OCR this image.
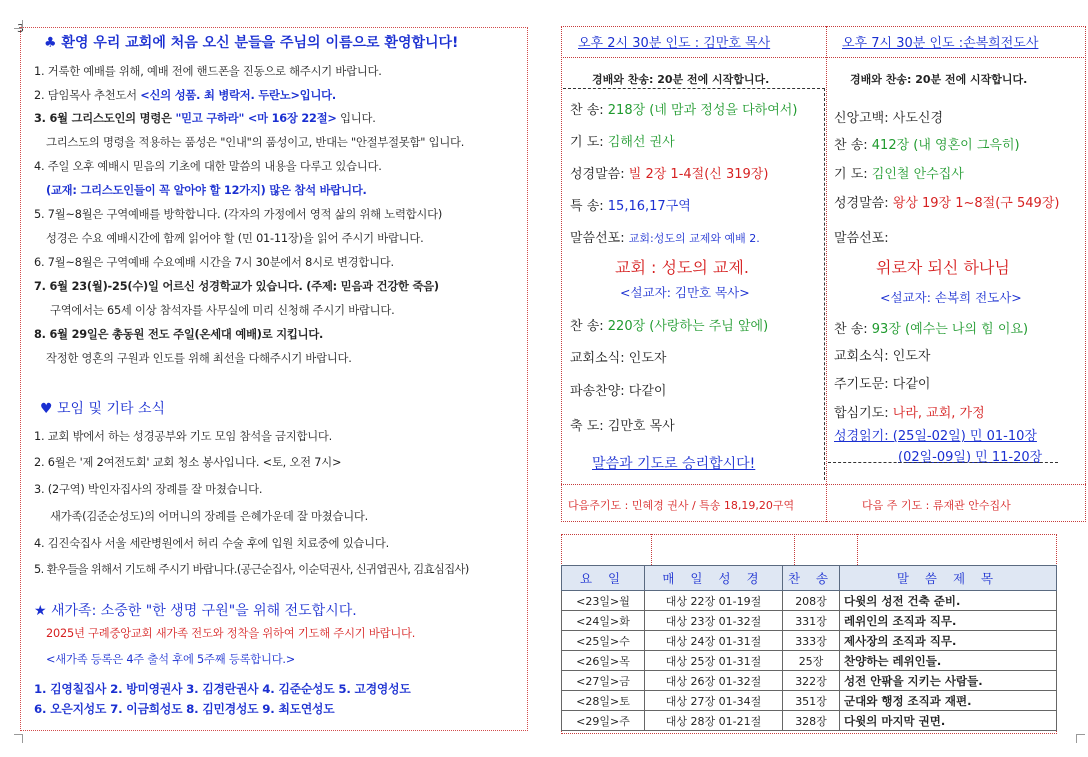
3
♣ 환영 우리 교회에 처음 오신 분들을 주님의 이름으로 환영합니다!
1. 거룩한 예배를 위해, 예배 전에 핸드폰을 진동으로 해주시기 바랍니다.
2. 담임목사 추천도서 <신의 성품. 최 병락저. 두란노>입니다.
3. 6월 그리스도인의 명령은 "믿고 구하라" <마 16장 22절> 입니다.
그리스도의 명령을 적용하는 품성은 "인내"의 품성이고, 반대는 "안절부절못함" 입니다.
4. 주일 오후 예배시 믿음의 기초에 대한 말씀의 내용을 다루고 있습니다.
(교재: 그리스도인들이 꼭 알아야 할 12가지) 많은 참석 바랍니다.
5. 7월~8월은 구역예배를 방학합니다. (각자의 가정에서 영적 삶의 위해 노력합시다)
성경은 수요 예배시간에 함께 읽어야 할 (민 01-11장)을 읽어 주시기 바랍니다.
6. 7월~8월은 구역예배 수요예배 시간을 7시 30분에서 8시로 변경합니다.
7. 6월 23(월)-25(수)일 어르신 성경학교가 있습니다. (주제: 믿음과 건강한 죽음)
구역에서는 65세 이상 참석자를 사무실에 미리 신청해 주시기 바랍니다.
8. 6월 29일은 총동원 전도 주일(온세대 예배)로 지킵니다.
작정한 영혼의 구원과 인도를 위해 최선을 다해주시기 바랍니다.
♥ 모임 및 기타 소식
1. 교회 밖에서 하는 성경공부와 기도 모임 참석을 금지합니다.
2. 6월은 '제 2여전도회' 교회 청소 봉사입니다. <토, 오전 7시>
3. (2구역) 박인자집사의 장례를 잘 마쳤습니다.
새가족(김준순성도)의 어머니의 장례를 은혜가운데 잘 마쳤습니다.
4. 김진숙집사 서울 세란병원에서 허리 수술 후에 입원 치료중에 있습니다.
5. 환우들을 위해서 기도해 주시기 바랍니다.(공근순집사, 이순덕권사, 신귀엽권사, 김효심집사)
★ 새가족: 소중한 "한 생명 구원"을 위해 전도합시다.
2025년 구례중앙교회 새가족 전도와 정착을 위하여 기도해 주시기 바랍니다.
<새가족 등록은 4주 출석 후에 5주째 등록합니다.>
1. 김영칠집사 2. 방미영권사 3. 김경란권사 4. 김준순성도 5. 고경영성도
6. 오은지성도 7. 이금희성도 8. 김민경성도 9. 최도연성도
오후 2시 30분 인도 : 김만호 목사	오후 7시 30분 인도 :손복희전도사
경배와 찬송: 20분 전에 시작합니다.	경배와 찬송: 20분 전에 시작합니다.
찬 송: 218장 (네 맘과 정성을 다하여서)
기 도: 김해선 권사
성경말씀: 빌 2장 1-4절(신 319장)
특 송: 15,16,17구역
말씀선포: 교회:성도의 교제와 예배 2.
교회 : 성도의 교제.
<설교자: 김만호 목사>
찬 송: 220장 (사랑하는 주님 앞에)
교회소식: 인도자
파송찬양: 다같이
축 도: 김만호 목사
말씀과 기도로 승리합시다!
다음주기도 : 민혜경 권사 / 특송 18,19,20구역
신앙고백: 사도신경
찬 송: 412장 (내 영혼이 그윽히)
기 도: 김인철 안수집사
성경말씀: 왕상 19장 1~8절(구 549장)
말씀선포:
위로자 되신 하나님
<설교자: 손복희 전도사>
찬 송: 93장 (예수는 나의 힘 이요)
교회소식: 인도자
주기도문: 다같이
합심기도: 나라, 교회, 가정
성경읽기: (25일-02일) 민 01-10장
(02일-09일) 민 11-20장
다음 주 기도 : 류재관 안수집사
요 일	매 일 성 경	찬 송	말 씀 제 목
<23일>월	대상 22장 01-19절	208장	다윗의 성전 건축 준비.
<24일>화	대상 23장 01-32절	331장	레위인의 조직과 직무.
<25일>수	대상 24장 01-31절	333장	제사장의 조직과 직무.
<26일>목	대상 25장 01-31절	25장	찬양하는 레위인들.
<27일>금	대상 26장 01-32절	322장	성전 안팎을 지키는 사람들.
<28일>토	대상 27장 01-34절	351장	군대와 행정 조직과 재편.
<29일>주	대상 28장 01-21절	328장	다윗의 마지막 권면.
